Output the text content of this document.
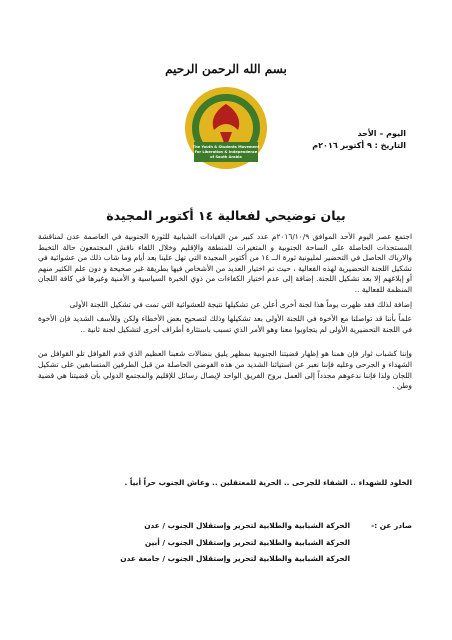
بسم الله الرحمن الرحيم
The Youth & Students Movement
For Liberation & Independence
of South Arabia
اليوم – الأحد
التاريخ : ٩ أكتوبر ٢٠١٦م
بيان توضيحي لفعالية ١٤ أكتوبر المجيدة

اجتمع عصر اليوم الأحد الموافق ٢٠١٦/١٠/٩م عدد كبير من القيادات الشبابية للثورة الجنوبية في العاصمة عدن لمناقشة المستجدات الحاصلة على الساحة الجنوبية و المتغيرات للمنطقة والإقليم وخلال اللقاء ناقش المجتمعون حالة التخبط والارباك الحاصل في التحضير لمليونية ثورة الــ ١٤ من أكتوبر المجيدة التي تهل علينا بعد أيام وما شاب ذلك من عشوائية في تشكيل اللجنة التحضيرية لهذه الفعالية ، حيث تم اختيار العديد من الأشخاص فيها بطريقة غير صحيحة و دون علم الكثير منهم أو إبلاغهم إلا بعد تشكيل اللجنة. إضافة إلى عدم اختيار الكفاءات من ذوي الخبرة السياسية و الأمنية وغيرها في كافة اللجان المنظمة للفعالية ..

إضافة لذلك فقد ظهرت يوماً هذا لجنة أخرى أعلن عن تشكيلها نتيجة للعشوائية التي تمت في تشكيل اللجنة الأولى

علماً بأننا قد تواصلنا مع الأخوة في اللجنة الأولى بعد تشكيلها وذلك لتصحيح بعض الأخطاء ولكن وللأسف الشديد فإن الأخوة في اللجنة التحضيرية الأولى لم يتجاوبوا معنا وهو الأمر الذي تسبب باستثارة أطراف أخرى لتشكيل لجنة ثانية ..

وإننا كشباب ثوار فإن همنا هو إظهار قضيتنا الجنوبية بمظهر يليق بنضالات شعبنا العظيم الذي قدم القوافل تلو القوافل من الشهداء و الجرحى وعليه فإننا نعبر عن استيائنا الشديد من هذه الفوضى الحاصلة من قبل الطرفين المتسابقين على تشكيل اللجان ولذا فإننا ندعوهم مجدداً إلى العمل بروح الفريق الواحد لإيصال رسائل للإقليم والمجتمع الدولي بأن قضيتنا هي قضية وطن .

الخلود للشهداء .. الشفاء للجرحى .. الحرية للمعتقلين .. وعاش الجنوب حراً أبياً .
صادر عن :-
الحركة الشبابية والطلابية لتحرير وإستقلال الجنوب / عدن
الحركة الشبابية والطلابية لتحرير وإستقلال الجنوب / أبين
الحركة الشبابية والطلابية لتحرير وإستقلال الجنوب / جامعة عدن
